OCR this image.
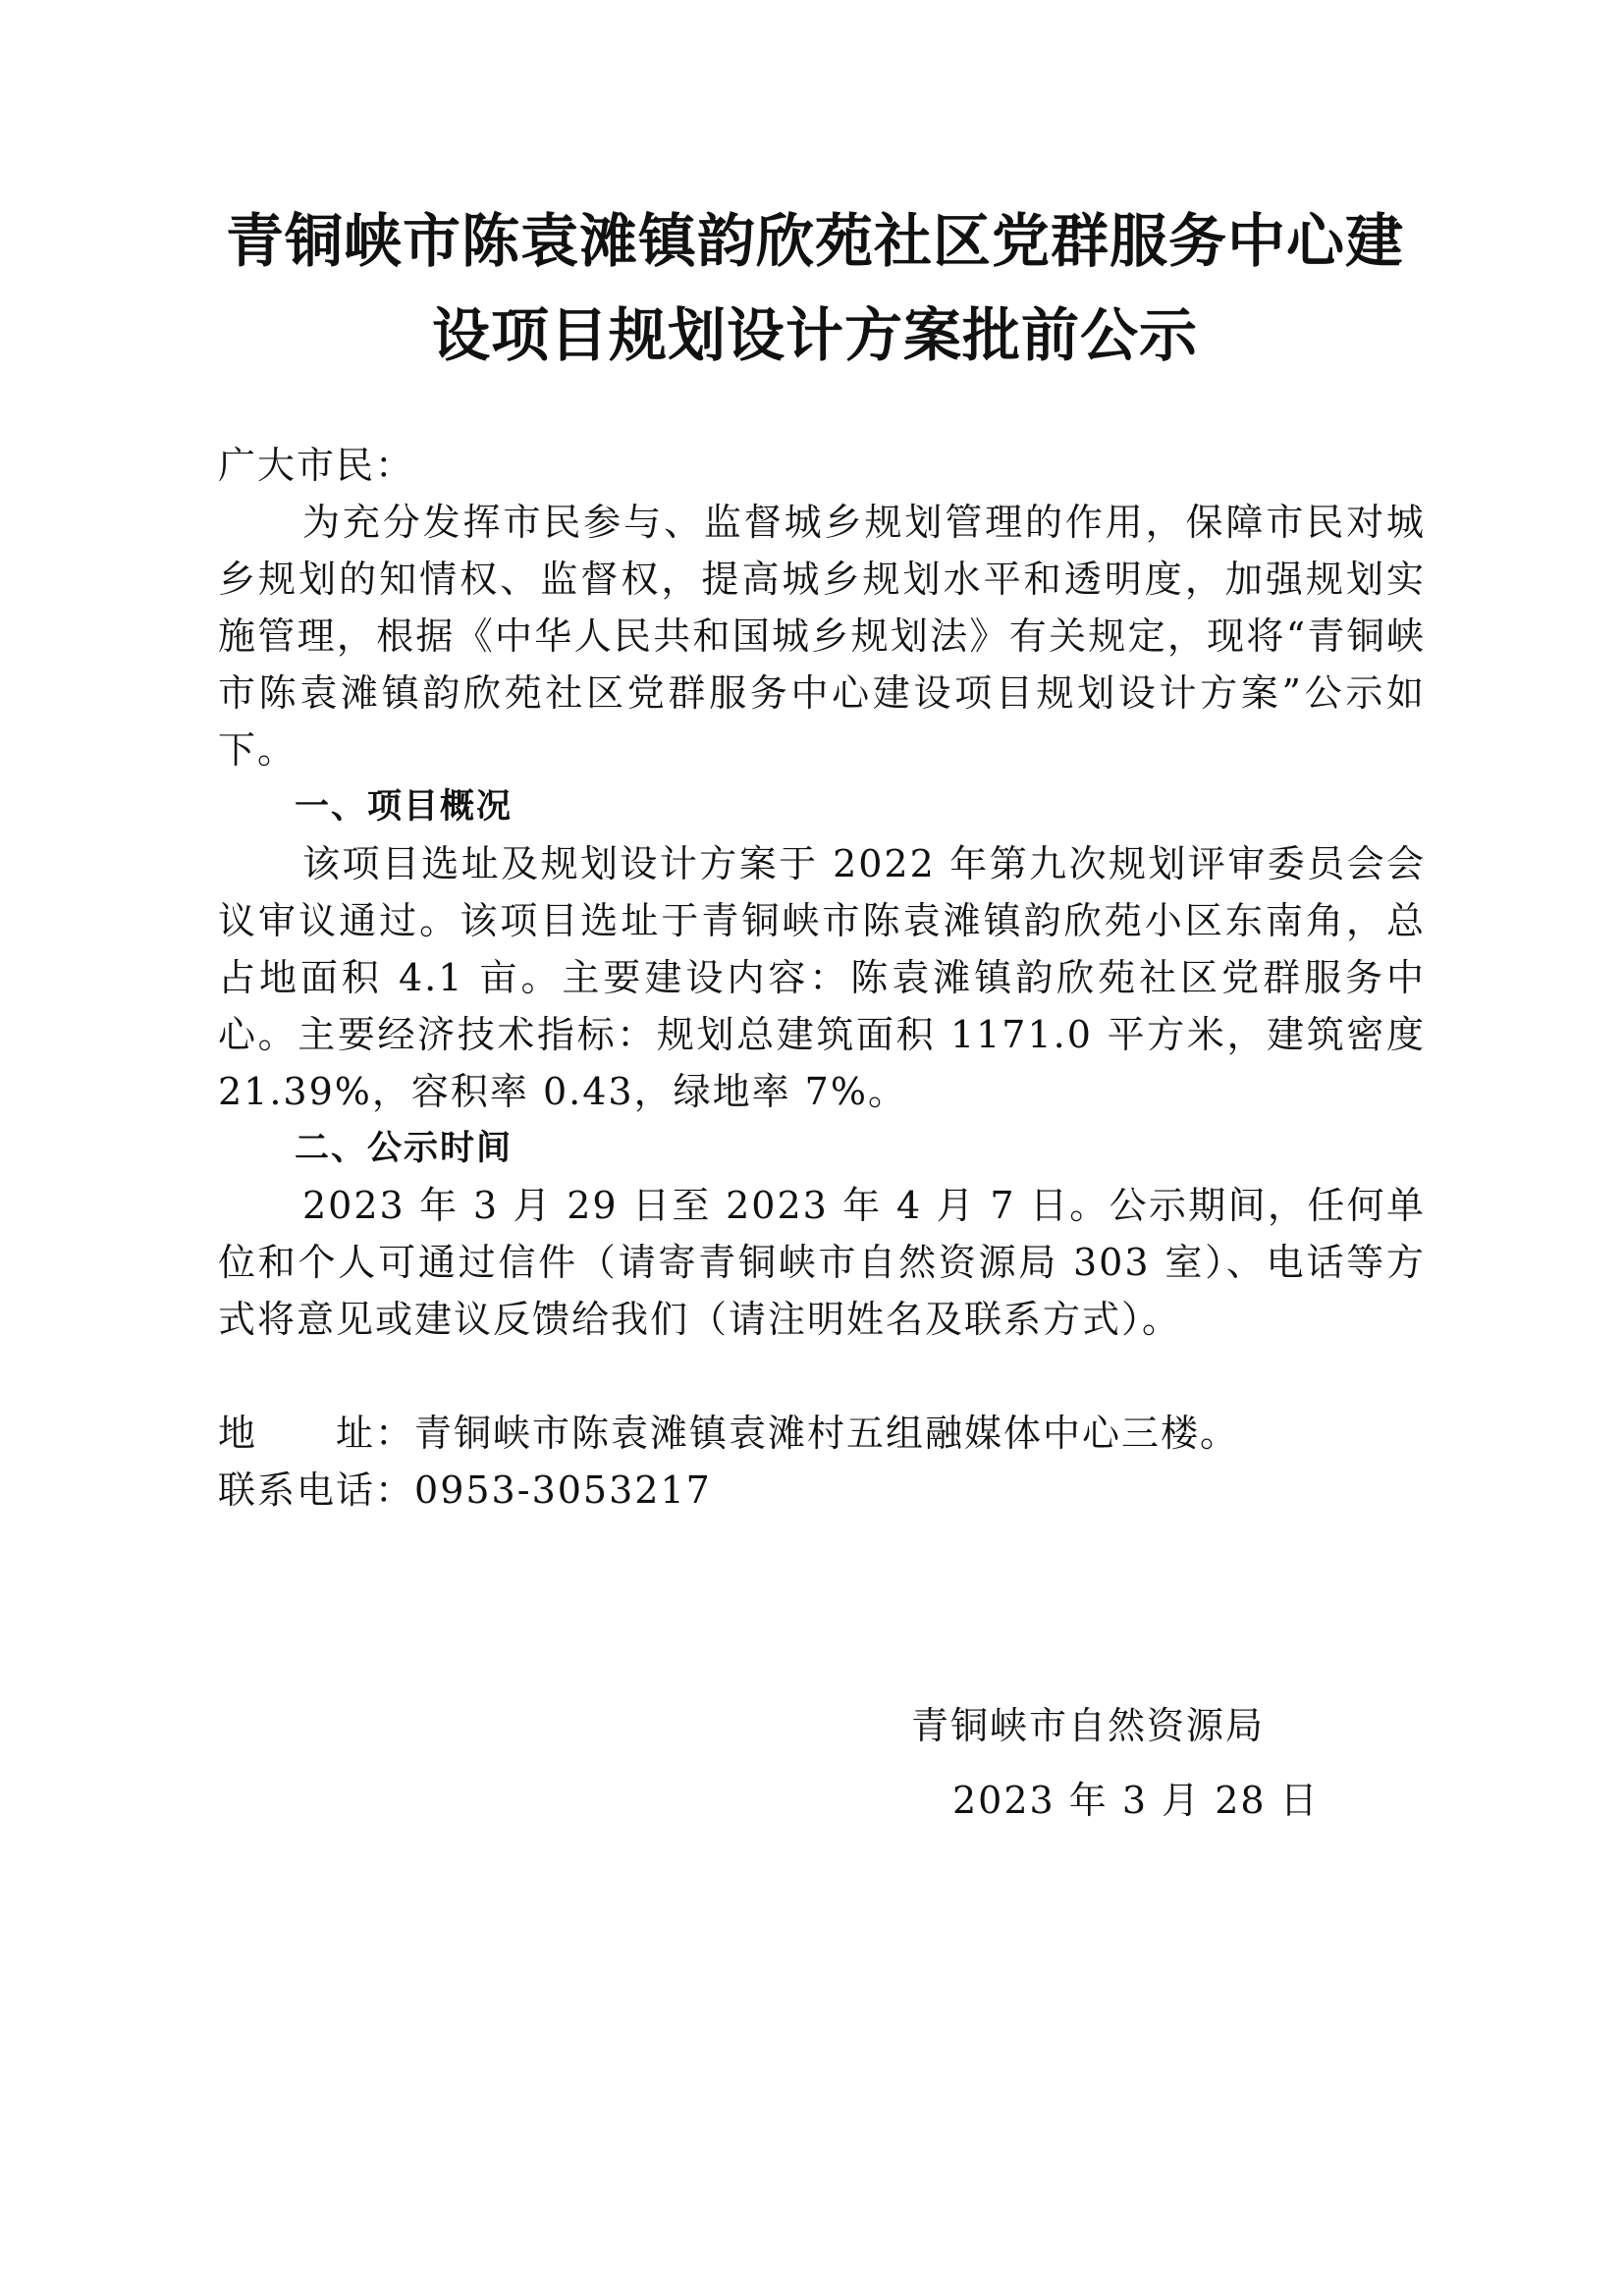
青铜峡市陈袁滩镇韵欣苑社区党群服务中心建
设项目规划设计方案批前公示

广大市民：

为充分发挥市民参与、监督城乡规划管理的作用，保障市民对城乡规划的知情权、监督权，提高城乡规划水平和透明度，加强规划实施管理，根据《中华人民共和国城乡规划法》有关规定，现将“青铜峡市陈袁滩镇韵欣苑社区党群服务中心建设项目规划设计方案”公示如下。

一、项目概况

该项目选址及规划设计方案于 2022 年第九次规划评审委员会会议审议通过。该项目选址于青铜峡市陈袁滩镇韵欣苑小区东南角，总占地面积 4.1 亩。主要建设内容：陈袁滩镇韵欣苑社区党群服务中心。主要经济技术指标：规划总建筑面积 1171.0 平方米，建筑密度 21.39%，容积率 0.43，绿地率 7%。

二、公示时间

2023 年 3 月 29 日至 2023 年 4 月 7 日。公示期间，任何单位和个人可通过信件（请寄青铜峡市自然资源局 303 室）、电话等方式将意见或建议反馈给我们（请注明姓名及联系方式）。

地　　址：青铜峡市陈袁滩镇袁滩村五组融媒体中心三楼。

联系电话：0953-3053217

青铜峡市自然资源局
2023 年 3 月 28 日
